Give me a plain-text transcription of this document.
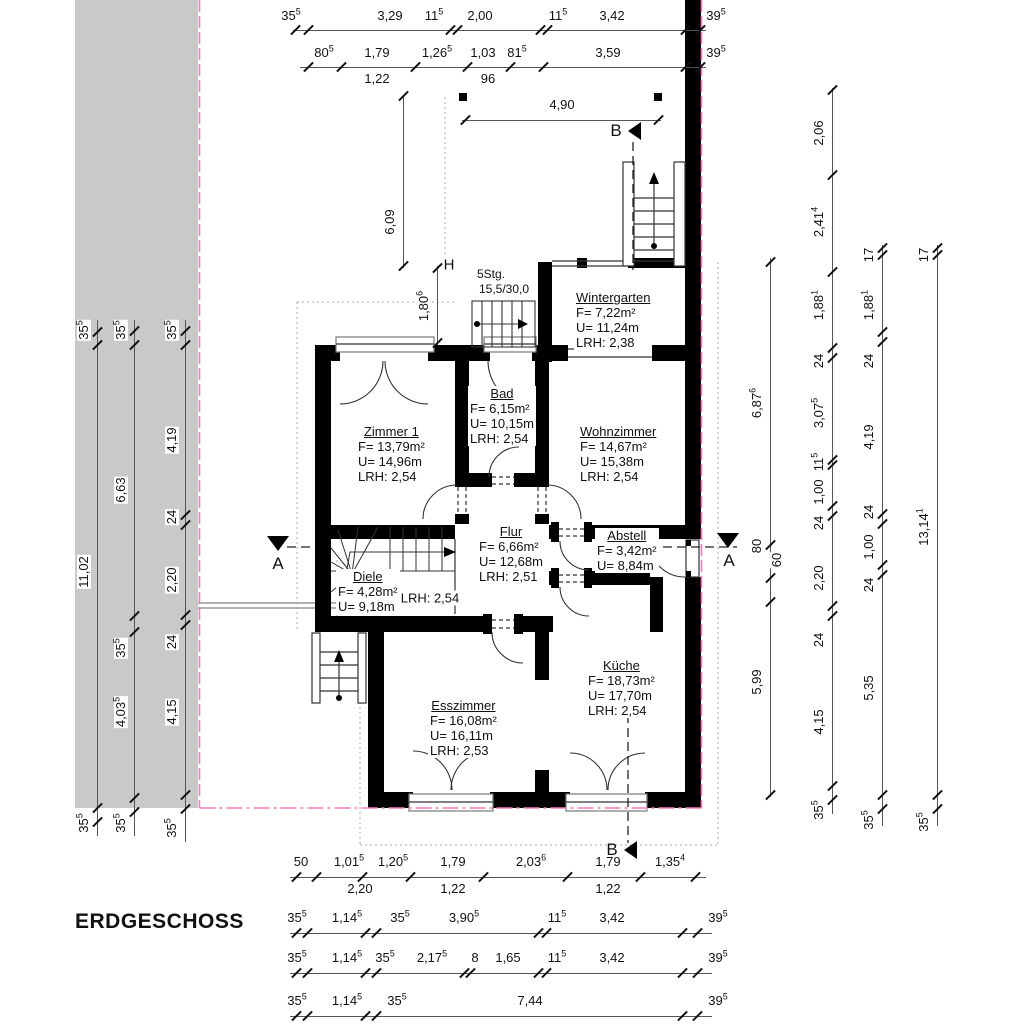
$35^5$	3,29 $11^5$ 2,00	$11^5$ 3,42	$39^5$
$80^5$ 1,79 1,26$^5$ 1,03 $81^5$	3,59	$39^5$
1,22	96
4,90
50 1,01$^5$ 1,20$^5$ 1,79	2,03$^6$	1,79	1,35$^4$
2,20	1,22	1,22
$35^5$ 1,14$^5$ $35^5$	3,90$^5$	$11^5$	3,42	$39^5$
$35^5$ 1,14$^5$ $35^5$ 2,17$^5$ 8 1,65 $11^5$	3,42	$39^5$
$35^5$ 1,14$^5$ $35^5$	7,44	$39^5$
$35^5$
11,02
$35^5$
$35^5$
6,63
$35^5$
4,03$^5$
$35^5$
$35^5$
4,19
24
2,20
24
4,15
$35^5$
6,09
1,80$^6$
6,87$^6$
80
60
5,99
2,06
2,41$^4$
1,88$^1$
24
3,07$^5$
$11^5$
1,00
24
2,20
24
4,15
$35^5$
17
1,88$^1$
24
4,19
24
1,00
24
5,35
$35^5$
17
13,14$^1$
$35^5$
Wintergarten
F= 7,22m²
U= 11,24m
LRH: 2,38
Zimmer 1
F= 13,79m²
U= 14,96m
LRH: 2,54
Bad
F= 6,15m²
U= 10,15m
LRH: 2,54	Wohnzimmer
F= 14,67m²
U= 15,38m
LRH: 2,54
Flur
F= 6,66m²
U= 12,68m
LRH: 2,51
Abstell
F= 3,42m²
U= 8,84m
Diele
F= 4,28m²
U= 9,18m
Küche
F= 18,73m²
U= 17,70m
LRH: 2,54
Esszimmer
F= 16,08m²
U= 16,11m
LRH: 2,53
5Stg.
15,5/30,0
H
LRH: 2,54
A	A
B
B
ERDGESCHOSS
